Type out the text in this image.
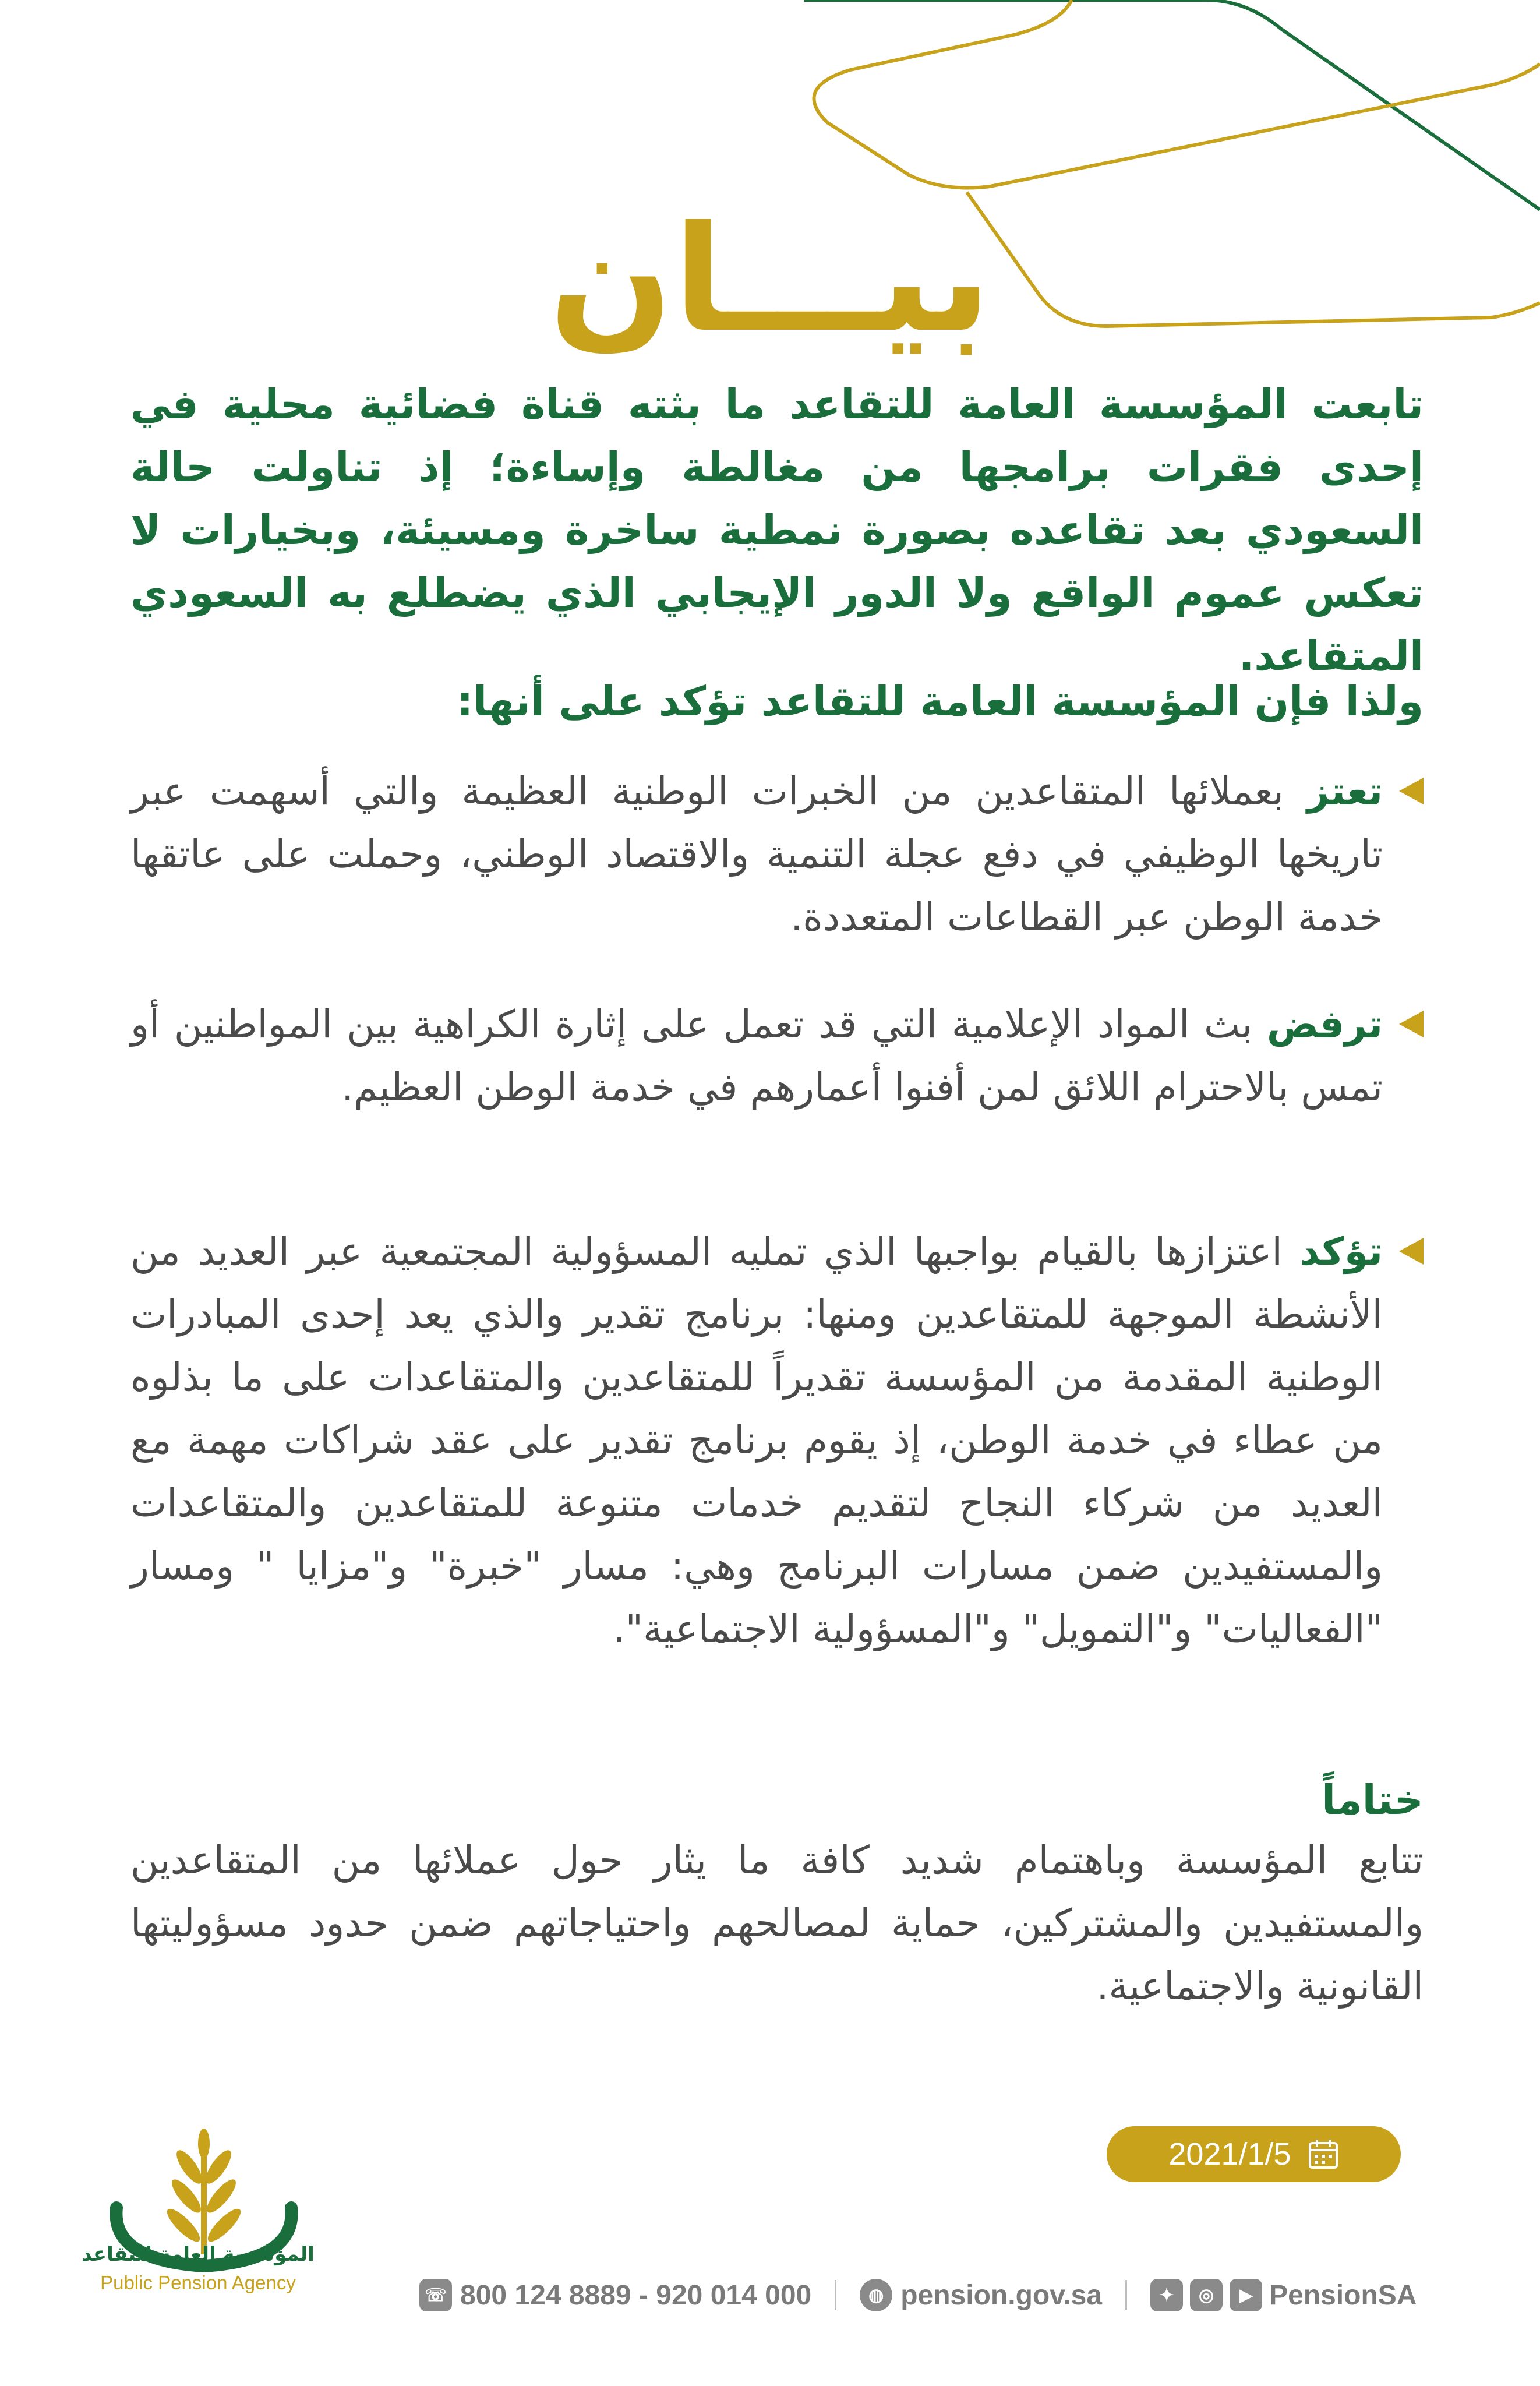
بيـــان
تابعت المؤسسة العامة للتقاعد ما بثته قناة فضائية محلية في إحدى فقرات برامجها من مغالطة وإساءة؛ إذ تناولت حالة السعودي بعد تقاعده بصورة نمطية ساخرة ومسيئة، وبخيارات لا تعكس عموم الواقع ولا الدور الإيجابي الذي يضطلع به السعودي المتقاعد.
ولذا فإن المؤسسة العامة للتقاعد تؤكد على أنها:
تعتز بعملائها المتقاعدين من الخبرات الوطنية العظيمة والتي أسهمت عبر تاريخها الوظيفي في دفع عجلة التنمية والاقتصاد الوطني، وحملت على عاتقها خدمة الوطن عبر القطاعات المتعددة.
ترفض بث المواد الإعلامية التي قد تعمل على إثارة الكراهية بين المواطنين أو تمس بالاحترام اللائق لمن أفنوا أعمارهم في خدمة الوطن العظيم.
تؤكد اعتزازها بالقيام بواجبها الذي تمليه المسؤولية المجتمعية عبر العديد من الأنشطة الموجهة للمتقاعدين ومنها: برنامج تقدير والذي يعد إحدى المبادرات الوطنية المقدمة من المؤسسة تقديراً للمتقاعدين والمتقاعدات على ما بذلوه من عطاء في خدمة الوطن، إذ يقوم برنامج تقدير على عقد شراكات مهمة مع العديد من شركاء النجاح لتقديم خدمات متنوعة للمتقاعدين والمتقاعدات والمستفيدين ضمن مسارات البرنامج وهي: مسار "خبرة" و"مزايا " ومسار "الفعاليات" و"التمويل" و"المسؤولية الاجتماعية".
ختاماً
تتابع المؤسسة وباهتمام شديد كافة ما يثار حول عملائها من المتقاعدين والمستفيدين والمشتركين، حماية لمصالحهم واحتياجاتهم ضمن حدود مسؤوليتها القانونية والاجتماعية.
2021/1/5
المؤسسة العامة للتقاعد
Public Pension Agency
☏ 800 124 8889 - 920 014 000	◍ pension.gov.sa	✦	◎	▶ PensionSA
